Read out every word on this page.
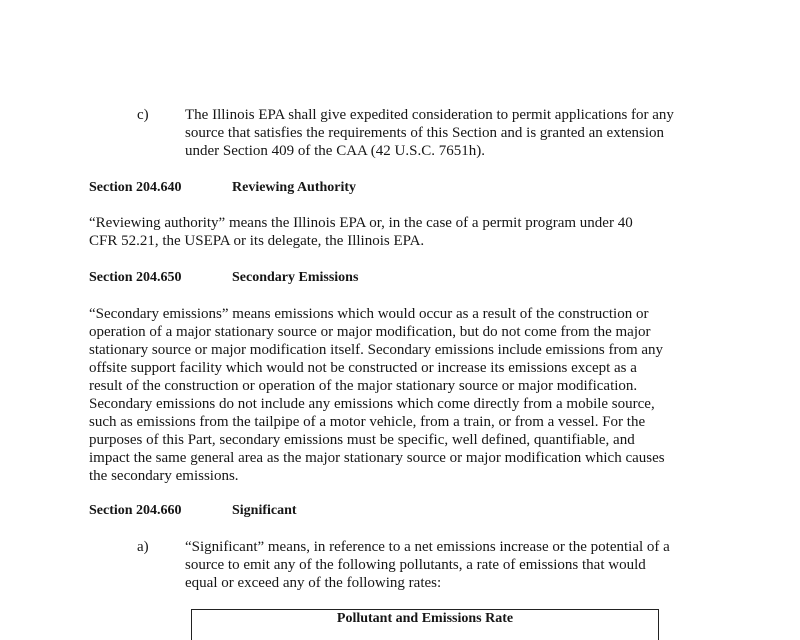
c) The Illinois EPA shall give expedited consideration to permit applications for any
source that satisfies the requirements of this Section and is granted an extension
under Section 409 of the CAA (42 U.S.C. 7651h).
Section 204.640	Reviewing Authority
“Reviewing authority” means the Illinois EPA or, in the case of a permit program under 40
CFR 52.21, the USEPA or its delegate, the Illinois EPA.
Section 204.650	Secondary Emissions
“Secondary emissions” means emissions which would occur as a result of the construction or
operation of a major stationary source or major modification, but do not come from the major
stationary source or major modification itself. Secondary emissions include emissions from any
offsite support facility which would not be constructed or increase its emissions except as a
result of the construction or operation of the major stationary source or major modification.
Secondary emissions do not include any emissions which come directly from a mobile source,
such as emissions from the tailpipe of a motor vehicle, from a train, or from a vessel. For the
purposes of this Part, secondary emissions must be specific, well defined, quantifiable, and
impact the same general area as the major stationary source or major modification which causes
the secondary emissions.
Section 204.660	Significant
a) “Significant” means, in reference to a net emissions increase or the potential of a
source to emit any of the following pollutants, a rate of emissions that would
equal or exceed any of the following rates:
Pollutant and Emissions Rate
